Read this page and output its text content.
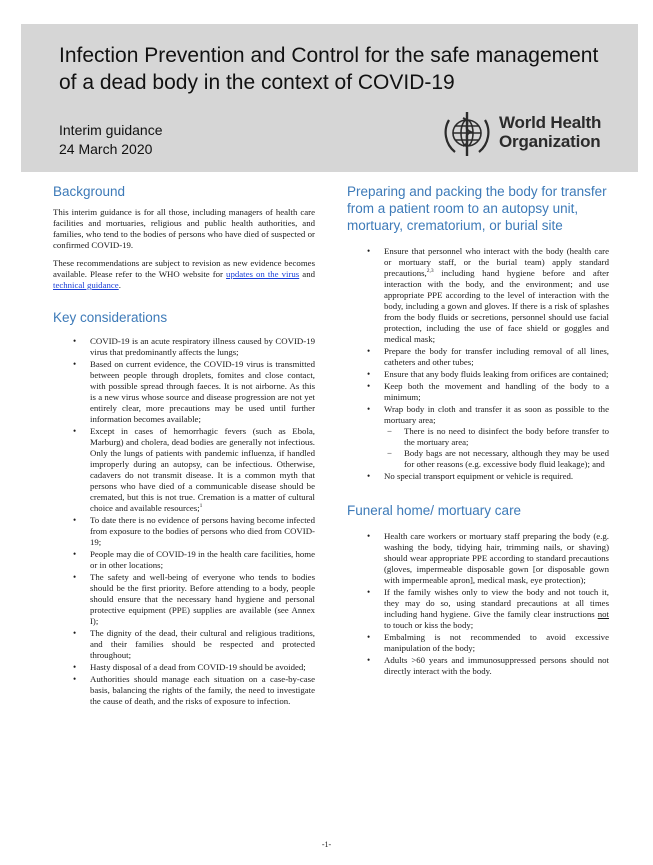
Infection Prevention and Control for the safe management of a dead body in the context of COVID-19
Interim guidance
24 March 2020
World Health
Organization
Background

This interim guidance is for all those, including managers of health care facilities and mortuaries, religious and public health authorities, and families, who tend to the bodies of persons who have died of suspected or confirmed COVID-19.

These recommendations are subject to revision as new evidence becomes available. Please refer to the WHO website for updates on the virus and technical guidance.

Key considerations
• COVID-19 is an acute respiratory illness caused by COVID-19 virus that predominantly affects the lungs;
• Based on current evidence, the COVID-19 virus is transmitted between people through droplets, fomites and close contact, with possible spread through faeces. It is not airborne. As this is a new virus whose source and disease progression are not yet entirely clear, more precautions may be used until further information becomes available;
• Except in cases of hemorrhagic fevers (such as Ebola, Marburg) and cholera, dead bodies are generally not infectious. Only the lungs of patients with pandemic influenza, if handled improperly during an autopsy, can be infectious. Otherwise, cadavers do not transmit disease. It is a common myth that persons who have died of a communicable disease should be cremated, but this is not true. Cremation is a matter of cultural choice and available resources;$^1$
• To date there is no evidence of persons having become infected from exposure to the bodies of persons who died from COVID-19;
• People may die of COVID-19 in the health care facilities, home or in other locations;
• The safety and well-being of everyone who tends to bodies should be the first priority. Before attending to a body, people should ensure that the necessary hand hygiene and personal protective equipment (PPE) supplies are available (see Annex I);
• The dignity of the dead, their cultural and religious traditions, and their families should be respected and protected throughout;
• Hasty disposal of a dead from COVID-19 should be avoided;
• Authorities should manage each situation on a case-by-case basis, balancing the rights of the family, the need to investigate the cause of death, and the risks of exposure to infection.
Preparing and packing the body for transfer from a patient room to an autopsy unit, mortuary, crematorium, or burial site
• Ensure that personnel who interact with the body (health care or mortuary staff, or the burial team) apply standard precautions,$^{2,3}$ including hand hygiene before and after interaction with the body, and the environment; and use appropriate PPE according to the level of interaction with the body, including a gown and gloves. If there is a risk of splashes from the body fluids or secretions, personnel should use facial protection, including the use of face shield or goggles and medical mask;
• Prepare the body for transfer including removal of all lines, catheters and other tubes;
• Ensure that any body fluids leaking from orifices are contained;
• Keep both the movement and handling of the body to a minimum;
• Wrap body in cloth and transfer it as soon as possible to the mortuary area;
− There is no need to disinfect the body before transfer to the mortuary area;
− Body bags are not necessary, although they may be used for other reasons (e.g. excessive body fluid leakage); and
• No special transport equipment or vehicle is required.
Funeral home/ mortuary care
• Health care workers or mortuary staff preparing the body (e.g. washing the body, tidying hair, trimming nails, or shaving) should wear appropriate PPE according to standard precautions (gloves, impermeable disposable gown [or disposable gown with impermeable apron], medical mask, eye protection);
• If the family wishes only to view the body and not touch it, they may do so, using standard precautions at all times including hand hygiene. Give the family clear instructions not to touch or kiss the body;
• Embalming is not recommended to avoid excessive manipulation of the body;
• Adults >60 years and immunosuppressed persons should not directly interact with the body.
-1-
